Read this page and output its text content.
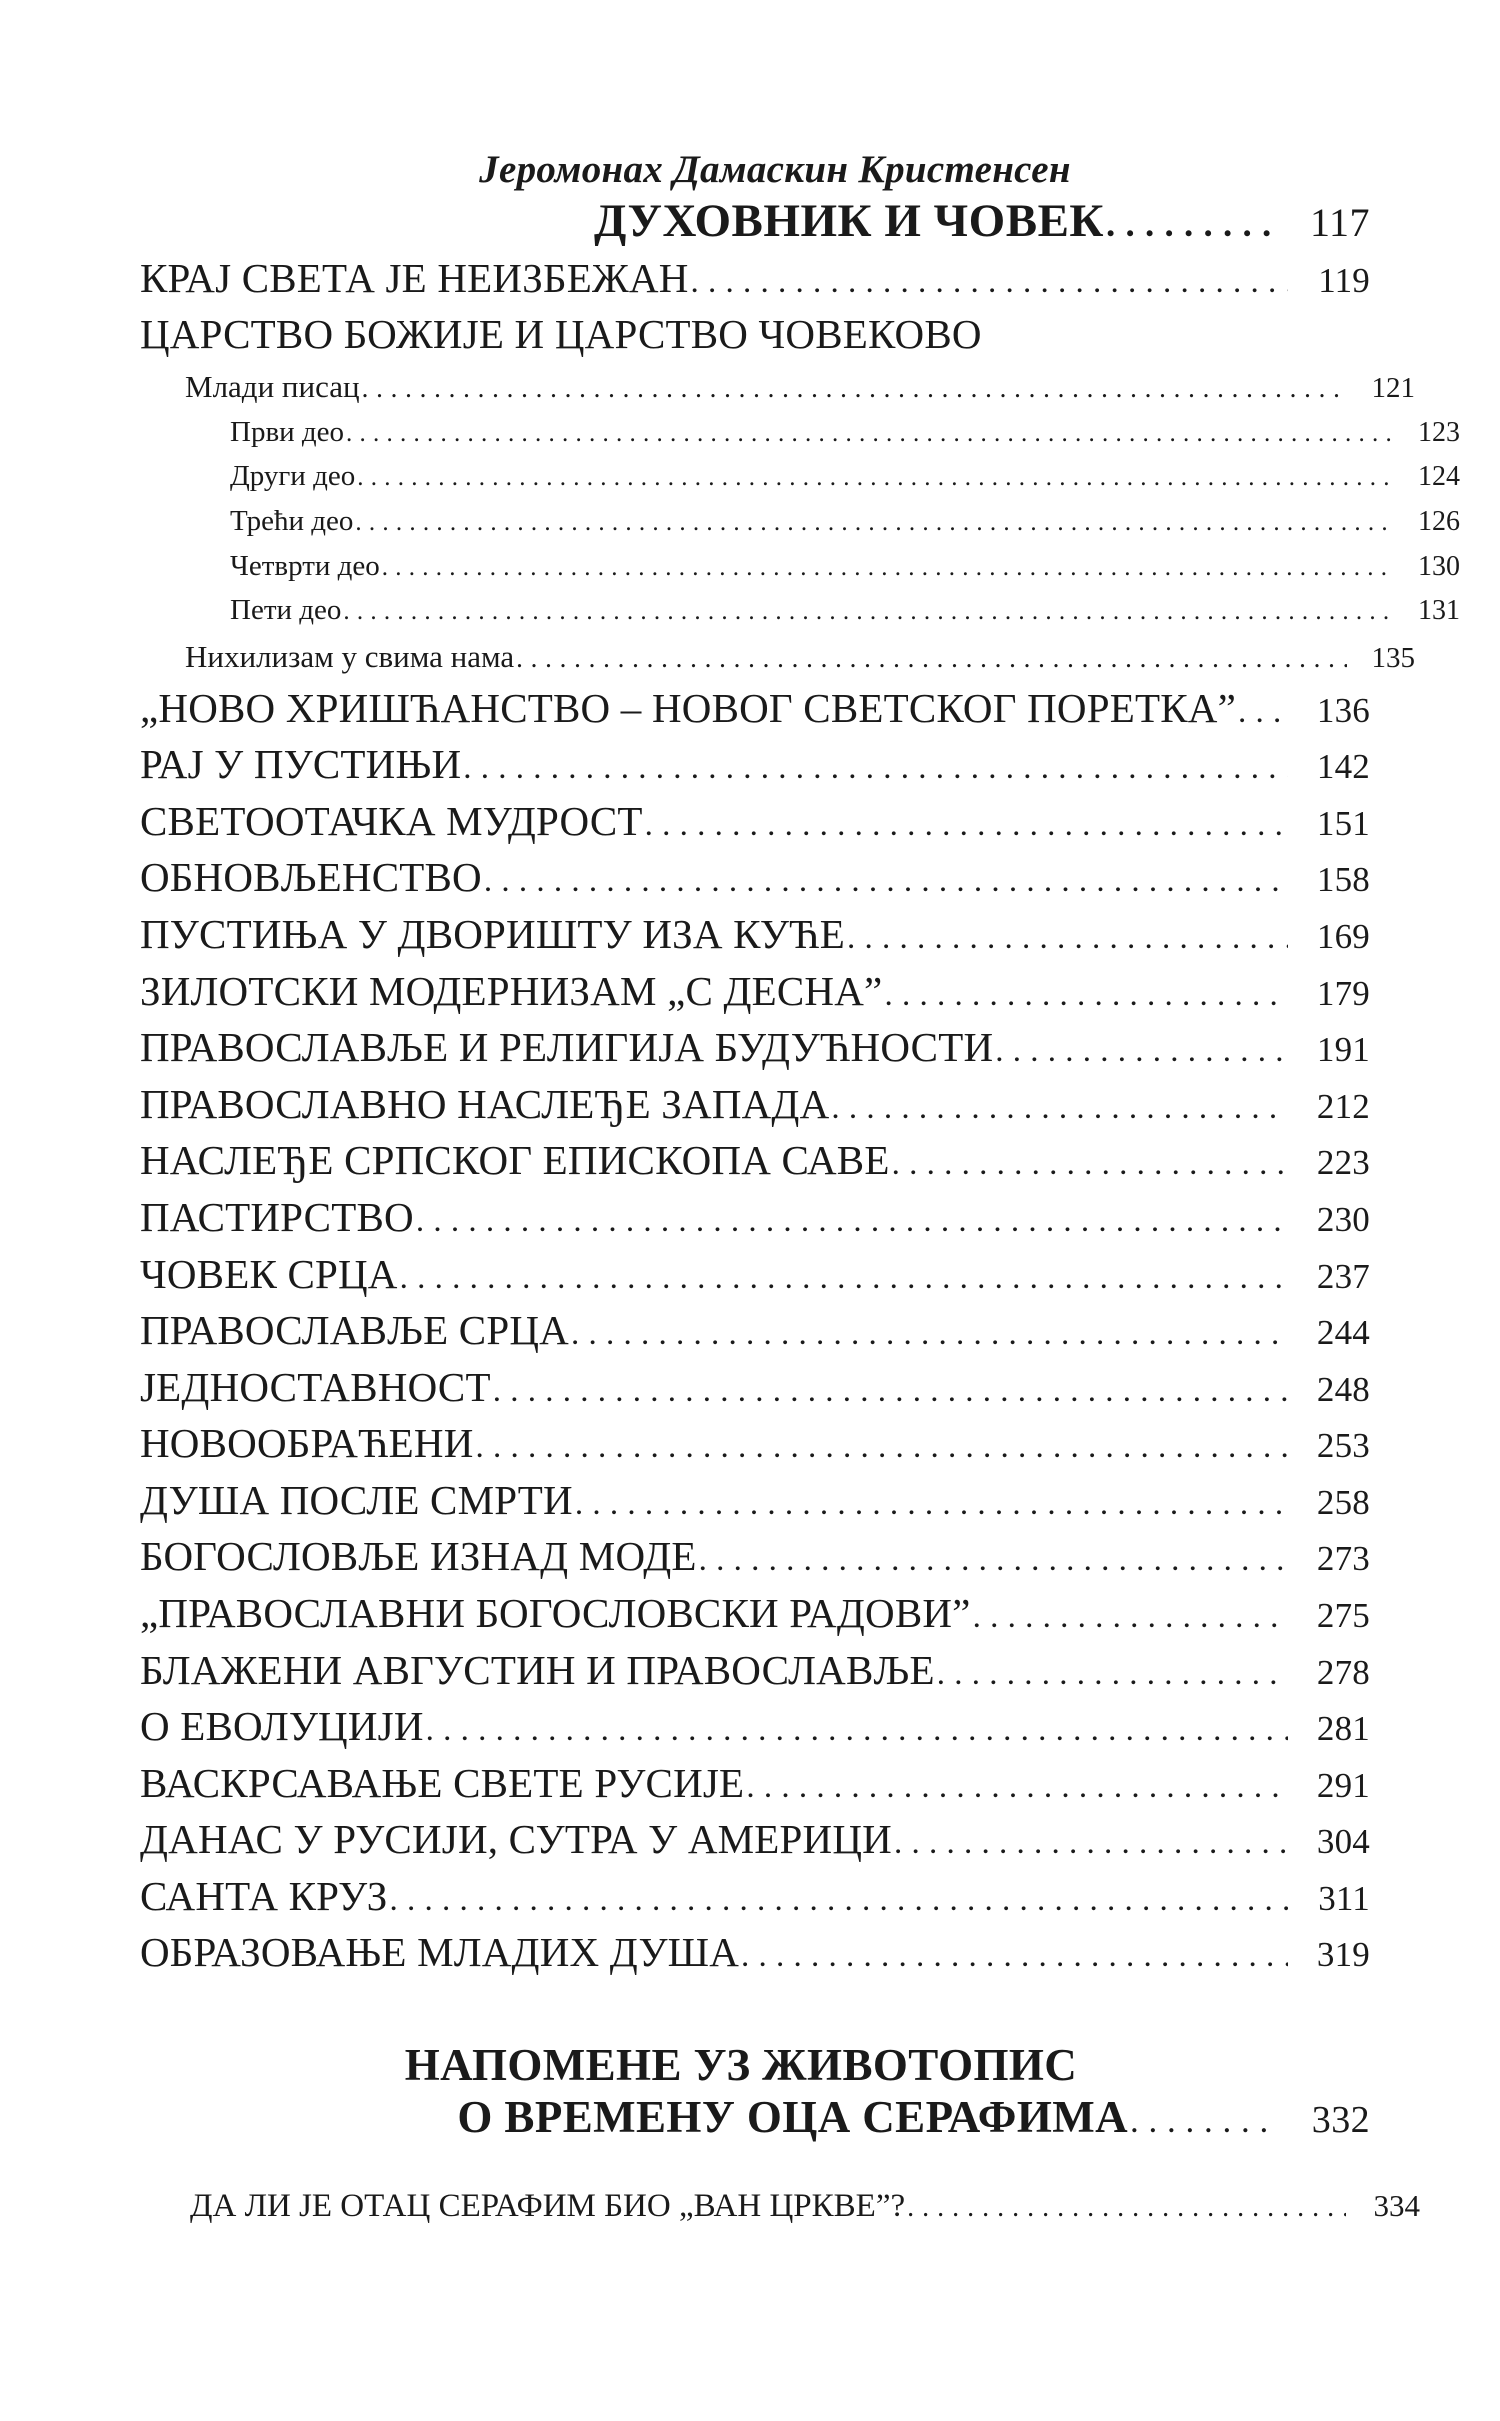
Јеромонах Дамаскин Кристенсен
ДУХОВНИК И ЧОВЕК . . .	117
КРАЈ СВЕТА ЈЕ НЕИЗБЕЖАН . . .	119
ЦАРСТВО БОЖИЈЕ И ЦАРСТВО ЧОВЕКОВО
Млади писац . . .	121
Први део . . .	123
Други део . . .	124
Трећи део . . .	126
Четврти део . . .	130
Пети део . . .	131
Нихилизам у свима нама . . .	135
„НОВО ХРИШЋАНСТВО – НОВОГ СВЕТСКОГ ПОРЕТКА” . . .	136
РАЈ У ПУСТИЊИ . . .	142
СВЕТООТАЧКА МУДРОСТ . . .	151
ОБНОВЉЕНСТВО . . .	158
ПУСТИЊА У ДВОРИШТУ ИЗА КУЋЕ . . .	169
ЗИЛОТСКИ МОДЕРНИЗАМ „С ДЕСНА” . . .	179
ПРАВОСЛАВЉЕ И РЕЛИГИЈА БУДУЋНОСТИ . . .	191
ПРАВОСЛАВНО НАСЛЕЂЕ ЗАПАДА . . .	212
НАСЛЕЂЕ СРПСКОГ ЕПИСКОПА САВЕ . . .	223
ПАСТИРСТВО . . .	230
ЧОВЕК СРЦА . . .	237
ПРАВОСЛАВЉЕ СРЦА . . .	244
ЈЕДНОСТАВНОСТ . . .	248
НОВООБРАЋЕНИ . . .	253
ДУША ПОСЛЕ СМРТИ . . .	258
БОГОСЛОВЉЕ ИЗНАД МОДЕ . . .	273
„ПРАВОСЛАВНИ БОГОСЛОВСКИ РАДОВИ” . . .	275
БЛАЖЕНИ АВГУСТИН И ПРАВОСЛАВЉЕ . . .	278
О ЕВОЛУЦИЈИ . . .	281
ВАСКРСАВАЊЕ СВЕТЕ РУСИЈЕ . . .	291
ДАНАС У РУСИЈИ, СУТРА У АМЕРИЦИ . . .	304
САНТА КРУЗ . . .	311
ОБРАЗОВАЊЕ МЛАДИХ ДУША . . .	319
НАПОМЕНЕ УЗ ЖИВОТОПИС
О ВРЕМЕНУ ОЦА СЕРАФИМА . . .	332
ДА ЛИ ЈЕ ОТАЦ СЕРАФИМ БИО „ВАН ЦРКВЕ”? . . .	334
